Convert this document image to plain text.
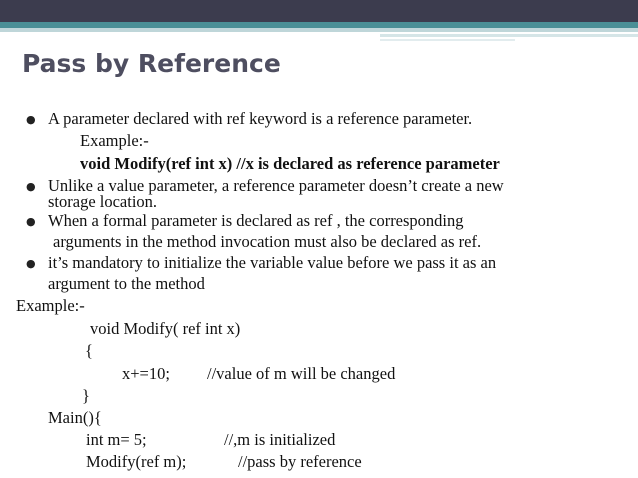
Pass by Reference
● A parameter declared with ref keyword is a reference parameter.
Example:-
void Modify(ref int x) //x is declared as reference parameter
● Unlike a value parameter, a reference parameter doesn’t create a new
storage location.
● When a formal parameter is declared as ref , the corresponding
arguments in the method invocation must also be declared as ref.
● it’s mandatory to initialize the variable value before we pass it as an
argument to the method
Example:-
void Modify( ref int x)
{
x+=10; //value of m will be changed
}
Main(){
int m= 5;	//,m is initialized
Modify(ref m);	//pass by reference
